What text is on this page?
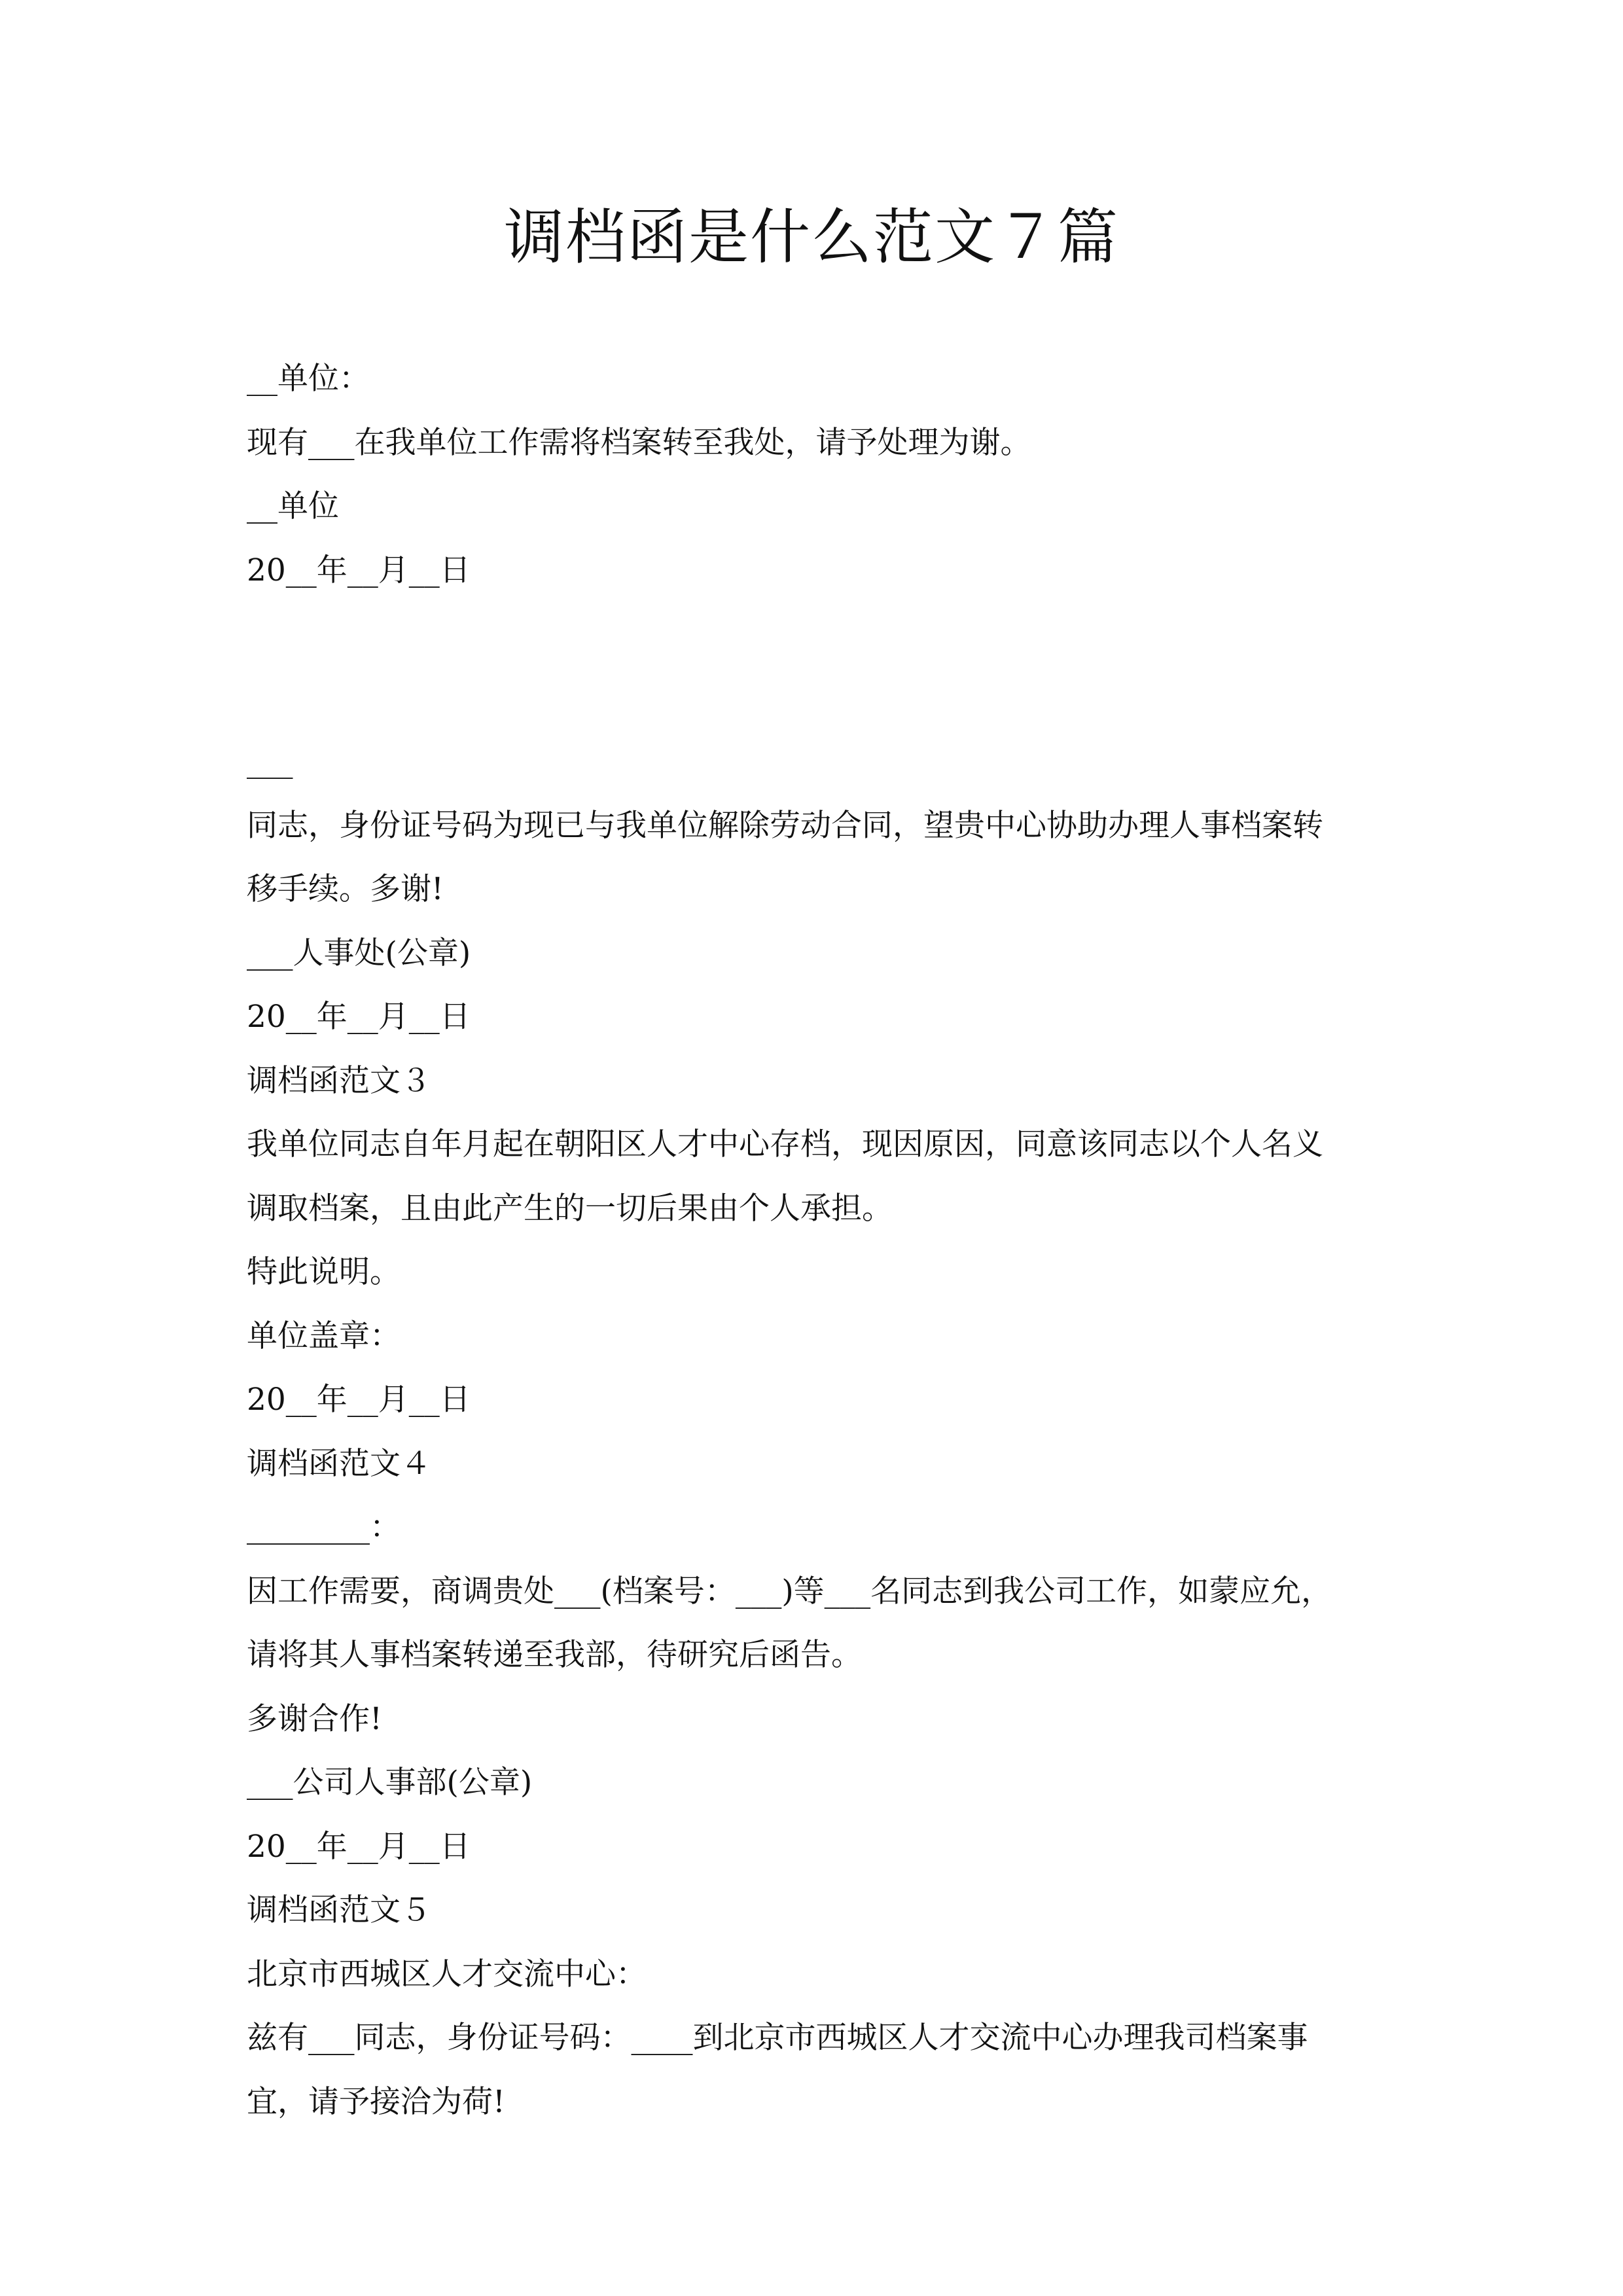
调档函是什么范文７篇

__单位：

现有___在我单位工作需将档案转至我处，请予处理为谢。

__单位

20__年__月__日

___

同志，身份证号码为现已与我单位解除劳动合同，望贵中心协助办理人事档案转

移手续。多谢!

___人事处(公章)

20__年__月__日

调档函范文３

我单位同志自年月起在朝阳区人才中心存档，现因原因，同意该同志以个人名义

调取档案，且由此产生的一切后果由个人承担。

特此说明。

单位盖章：

20__年__月__日

调档函范文４

________：

因工作需要，商调贵处___(档案号：___)等___名同志到我公司工作，如蒙应允，

请将其人事档案转递至我部，待研究后函告。

多谢合作!

___公司人事部(公章)

20__年__月__日

调档函范文５

北京市西城区人才交流中心：

兹有___同志，身份证号码：____到北京市西城区人才交流中心办理我司档案事

宜，请予接洽为荷!
